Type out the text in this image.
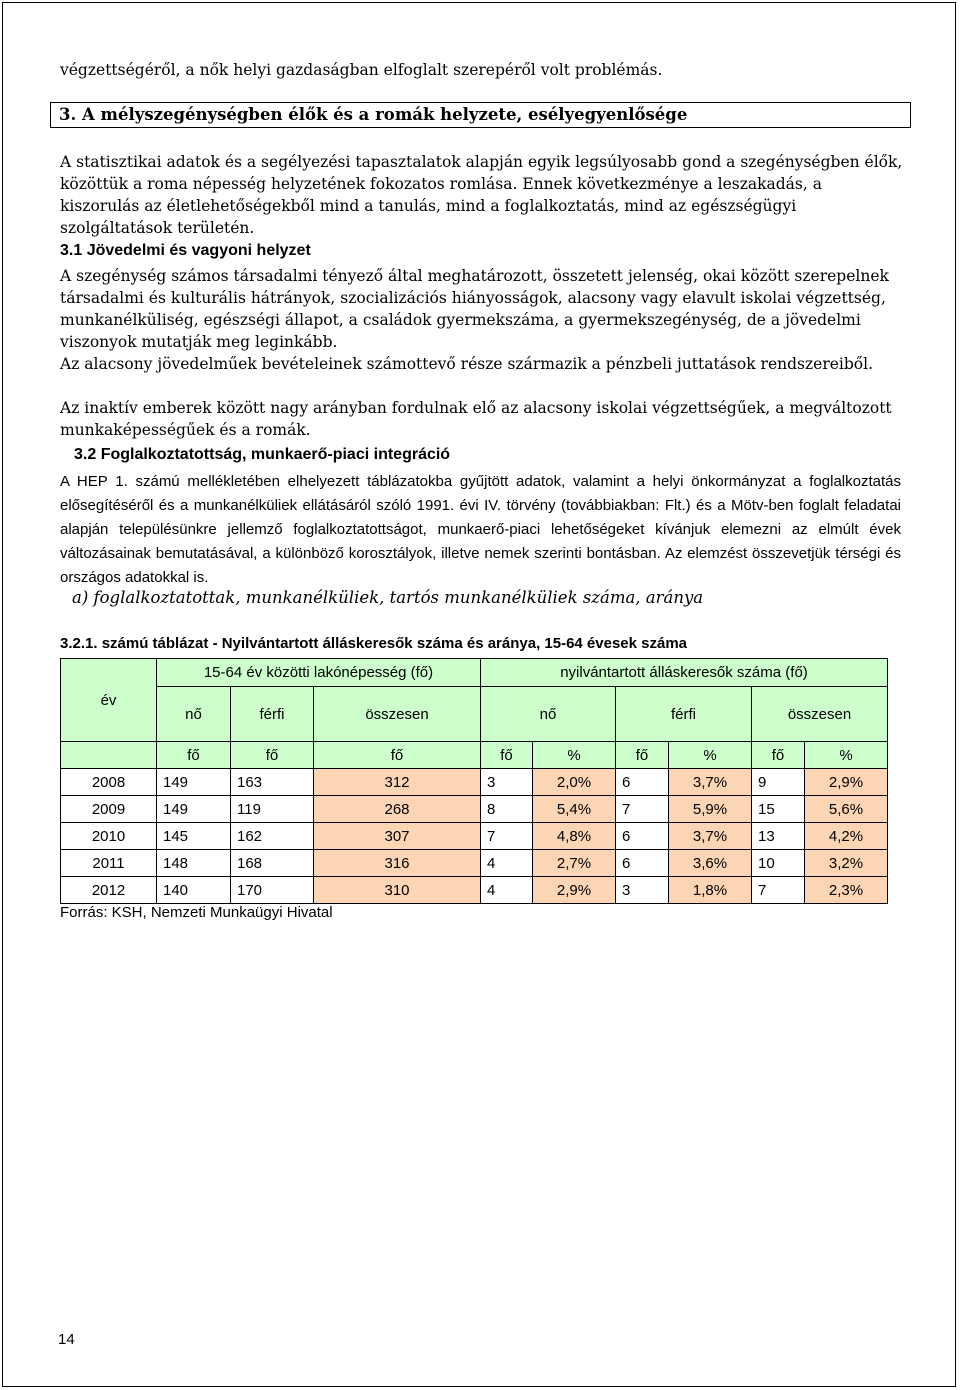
végzettségéről, a nők helyi gazdaságban elfoglalt szerepéről volt problémás.

3. A mélyszegénységben élők és a romák helyzete, esélyegyenlősége

A statisztikai adatok és a segélyezési tapasztalatok alapján egyik legsúlyosabb gond a szegénységben élők, közöttük a roma népesség helyzetének fokozatos romlása. Ennek következménye a leszakadás, a kiszorulás az életlehetőségekből mind a tanulás, mind a foglalkoztatás, mind az egészségügyi szolgáltatások területén.

3.1 Jövedelmi és vagyoni helyzet

A szegénység számos társadalmi tényező által meghatározott, összetett jelenség, okai között szerepelnek társadalmi és kulturális hátrányok, szocializációs hiányosságok, alacsony vagy elavult iskolai végzettség, munkanélküliség, egészségi állapot, a családok gyermekszáma, a gyermekszegénység, de a jövedelmi viszonyok mutatják meg leginkább.

Az alacsony jövedelműek bevételeinek számottevő része származik a pénzbeli juttatások rendszereiből.

Az inaktív emberek között nagy arányban fordulnak elő az alacsony iskolai végzettségűek, a megváltozott munkaképességűek és a romák.

3.2 Foglalkoztatottság, munkaerő-piaci integráció

A HEP 1. számú mellékletében elhelyezett táblázatokba gyűjtött adatok, valamint a helyi önkormányzat a foglalkoztatás elősegítéséről és a munkanélküliek ellátásáról szóló 1991. évi IV. törvény (továbbiakban: Flt.) és a Mötv-ben foglalt feladatai alapján településünkre jellemző foglalkoztatottságot, munkaerő-piaci lehetőségeket kívánjuk elemezni az elmúlt évek változásainak bemutatásával, a különböző korosztályok, illetve nemek szerinti bontásban. Az elemzést összevetjük térségi és országos adatokkal is.

a) foglalkoztatottak, munkanélküliek, tartós munkanélküliek száma, aránya
3.2.1. számú táblázat - Nyilvántartott álláskeresők száma és aránya, 15-64 évesek száma
év	15-64 év közötti lakónépesség (fő)			nyilvántartott álláskeresők száma (fő)					
	nő	férfi	összesen	nő		férfi		összesen	
	fő	fő	fő	fő	%	fő	%	fő	%
2008	149	163	312	3	2,0%	6	3,7%	9	2,9%
2009	149	119	268	8	5,4%	7	5,9%	15	5,6%
2010	145	162	307	7	4,8%	6	3,7%	13	4,2%
2011	148	168	316	4	2,7%	6	3,6%	10	3,2%
2012	140	170	310	4	2,9%	3	1,8%	7	2,3%
Forrás: KSH, Nemzeti Munkaügyi Hivatal
14
